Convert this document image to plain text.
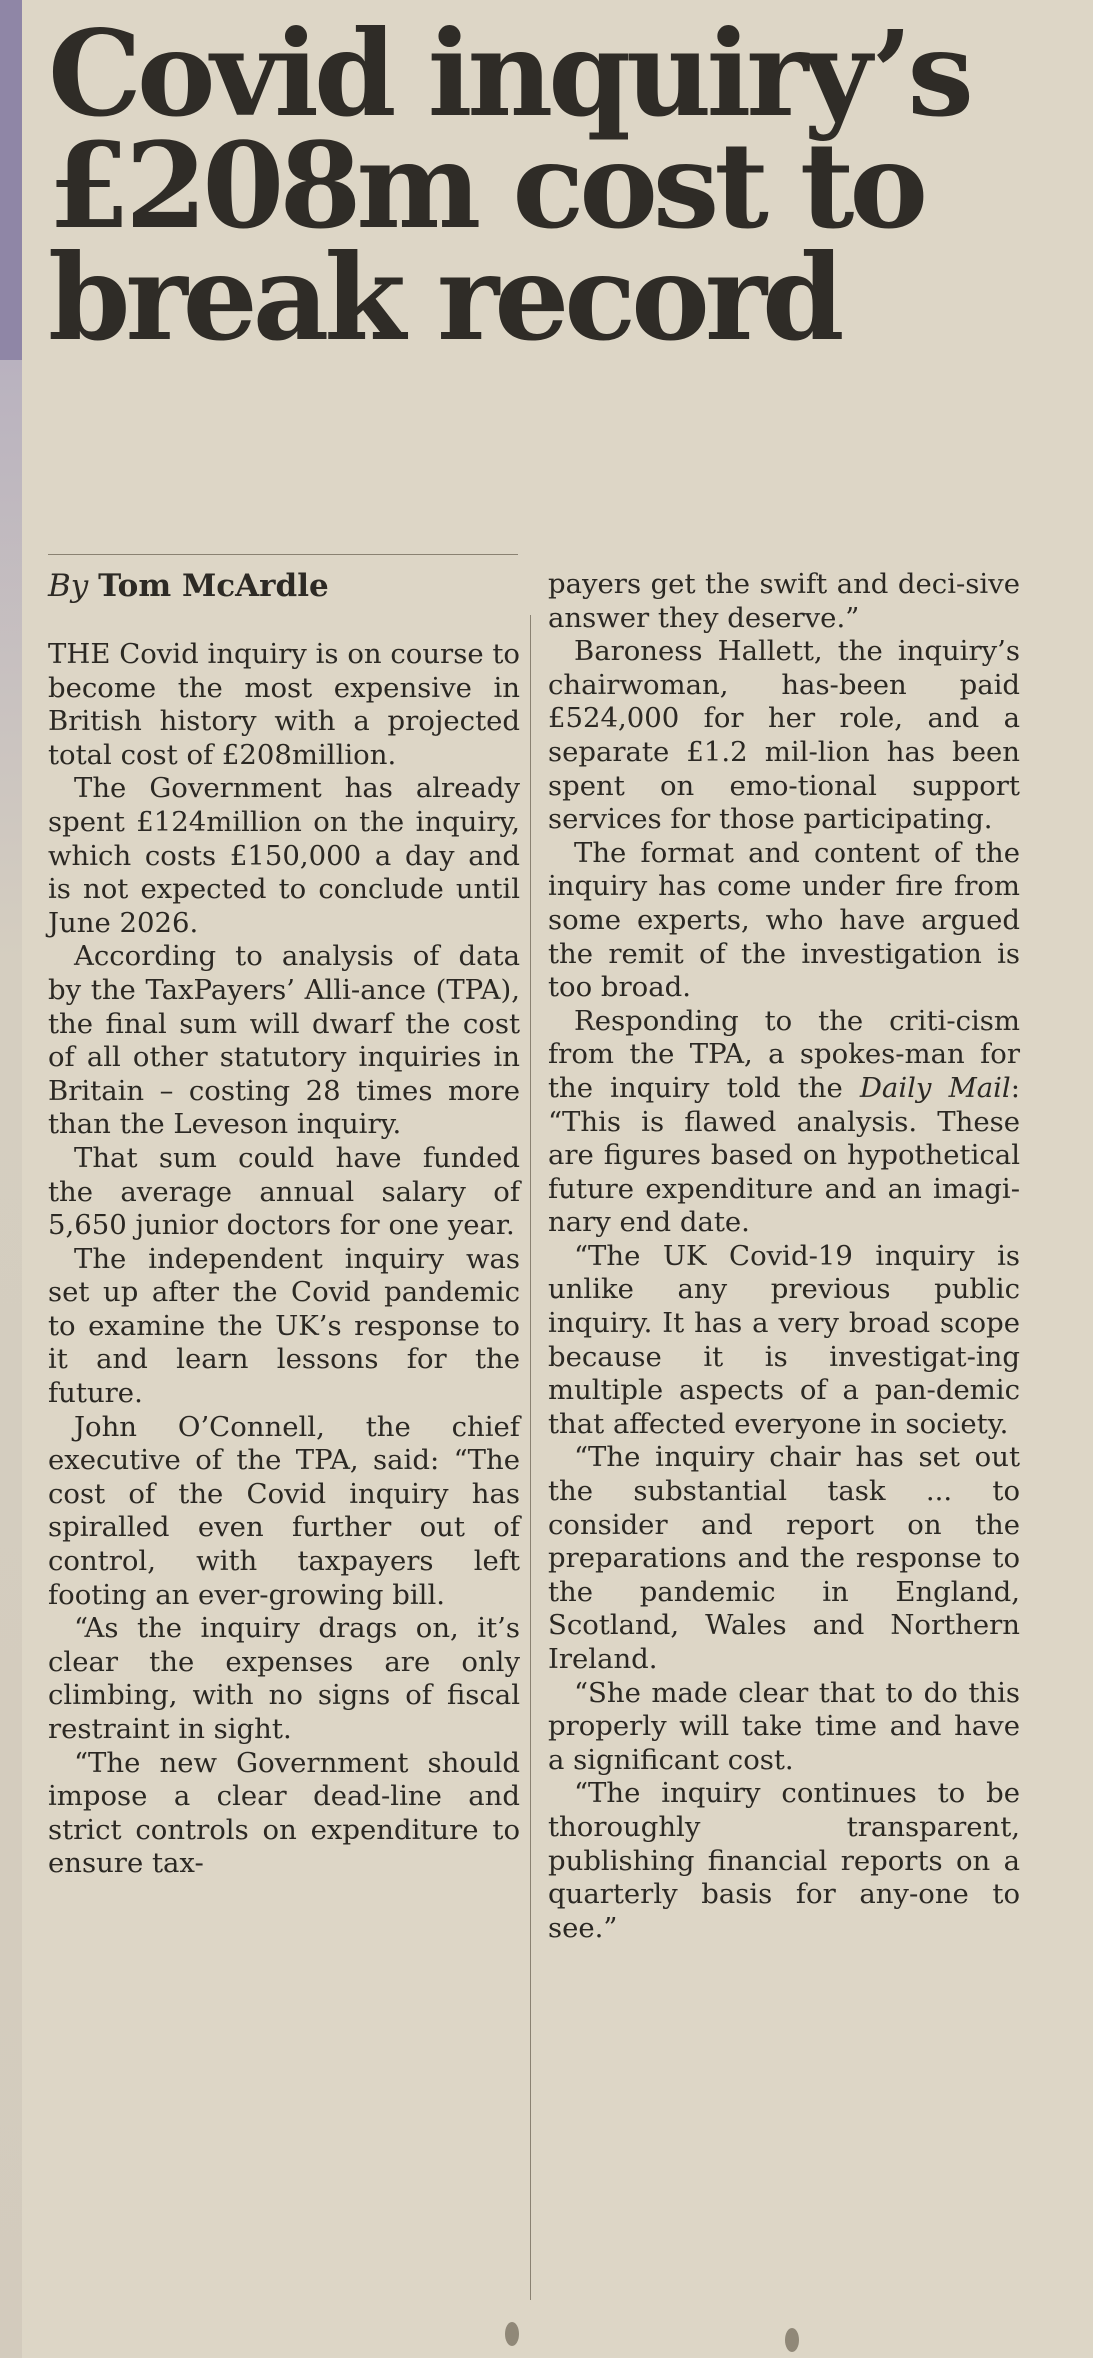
Covid inquiry’s £208m cost to break record
By Tom McArdle

THE Covid inquiry is on course to become the most expensive in British history with a projected total cost of £208million.

The Government has already spent £124million on the inquiry, which costs £150,000 a day and is not expected to conclude until June 2026.

According to analysis of data by the TaxPayers’ Alli-ance (TPA), the final sum will dwarf the cost of all other statutory inquiries in Britain – costing 28 times more than the Leveson inquiry.

That sum could have funded the average annual salary of 5,650 junior doctors for one year.

The independent inquiry was set up after the Covid pandemic to examine the UK’s response to it and learn lessons for the future.

John O’Connell, the chief executive of the TPA, said: “The cost of the Covid inquiry has spiralled even further out of control, with taxpayers left footing an ever-growing bill.

“As the inquiry drags on, it’s clear the expenses are only climbing, with no signs of fiscal restraint in sight.

“The new Government should impose a clear dead-line and strict controls on expenditure to ensure tax-

payers get the swift and deci-sive answer they deserve.”

Baroness Hallett, the inquiry’s chairwoman, has-been paid £524,000 for her role, and a separate £1.2 mil-lion has been spent on emo-tional support services for those participating.

The format and content of the inquiry has come under fire from some experts, who have argued the remit of the investigation is too broad.

Responding to the criti-cism from the TPA, a spokes-man for the inquiry told the Daily Mail: “This is flawed analysis. These are figures based on hypothetical future expenditure and an imagi-nary end date.

“The UK Covid-19 inquiry is unlike any previous public inquiry. It has a very broad scope because it is investigat-ing multiple aspects of a pan-demic that affected everyone in society.

“The inquiry chair has set out the substantial task ... to consider and report on the preparations and the response to the pandemic in England, Scotland, Wales and Northern Ireland.

“She made clear that to do this properly will take time and have a significant cost.

“The inquiry continues to be thoroughly transparent, publishing financial reports on a quarterly basis for any-one to see.”
